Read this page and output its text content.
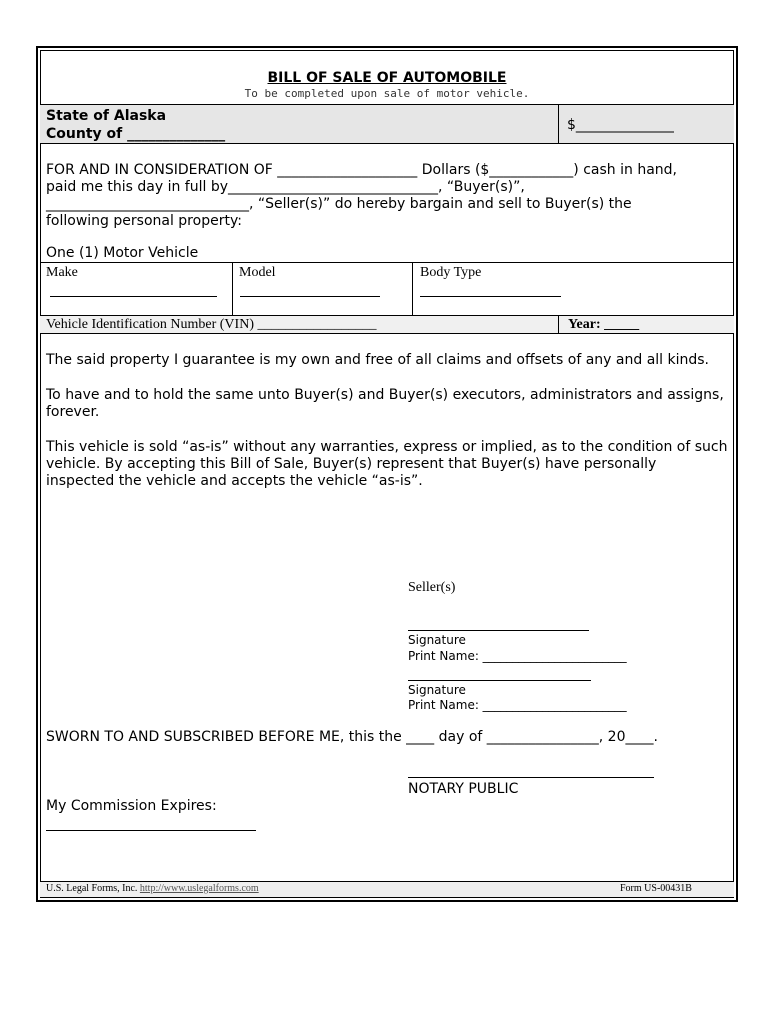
BILL OF SALE OF AUTOMOBILE
To be completed upon sale of motor vehicle.
State of Alaska
County of ______________
$______________
FOR AND IN CONSIDERATION OF ____________________ Dollars ($____________) cash in hand,
paid me this day in full by______________________________, “Buyer(s)”,
_____________________________, “Seller(s)” do hereby bargain and sell to Buyer(s) the
following personal property:
One (1) Motor Vehicle
Make	Model	Body Type
Vehicle Identification Number (VIN) _________________	Year: _____
The said property I guarantee is my own and free of all claims and offsets of any and all kinds.
To have and to hold the same unto Buyer(s) and Buyer(s) executors, administrators and assigns,
forever.
This vehicle is sold “as-is” without any warranties, express or implied, as to the condition of such
vehicle. By accepting this Bill of Sale, Buyer(s) represent that Buyer(s) have personally
inspected the vehicle and accepts the vehicle “as-is”.
Seller(s)
Signature
Print Name: ________________________
Signature
Print Name: ________________________
SWORN TO AND SUBSCRIBED BEFORE ME, this the ____ day of ________________, 20____.
NOTARY PUBLIC
My Commission Expires:
U.S. Legal Forms, Inc. http://www.uslegalforms.com	Form US-00431B
